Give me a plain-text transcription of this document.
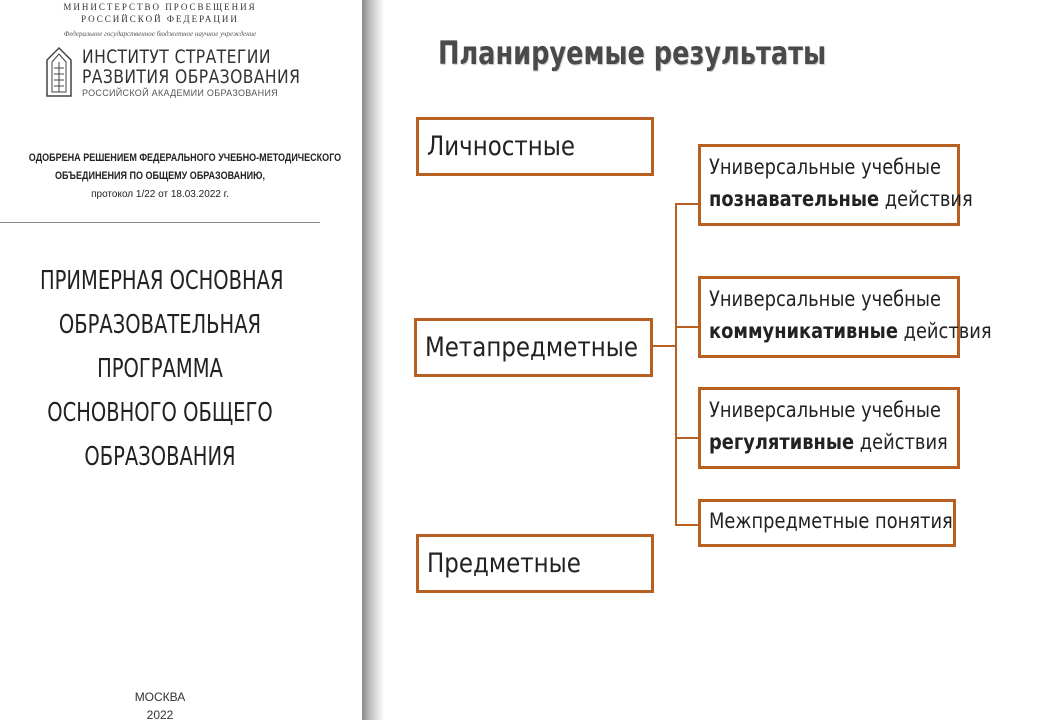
МИНИСТЕРСТВО ПРОСВЕЩЕНИЯ
РОССИЙСКОЙ ФЕДЕРАЦИИ
Федеральное государственное бюджетное научное учреждение
ИНСТИТУТ СТРАТЕГИИ
РАЗВИТИЯ ОБРАЗОВАНИЯ
РОССИЙСКОЙ АКАДЕМИИ ОБРАЗОВАНИЯ
ОДОБРЕНА РЕШЕНИЕМ ФЕДЕРАЛЬНОГО УЧЕБНО-МЕТОДИЧЕСКОГО
ОБЪЕДИНЕНИЯ ПО ОБЩЕМУ ОБРАЗОВАНИЮ,
протокол 1/22 от 18.03.2022 г.
ПРИМЕРНАЯ ОСНОВНАЯ
ОБРАЗОВАТЕЛЬНАЯ
ПРОГРАММА
ОСНОВНОГО ОБЩЕГО
ОБРАЗОВАНИЯ
МОСКВА
2022
Планируемые результаты
Личностные
Метапредметные
Предметные
Универсальные учебные
познавательные действия
Универсальные учебные
коммуникативные действия
Универсальные учебные
регулятивные действия
Межпредметные понятия
